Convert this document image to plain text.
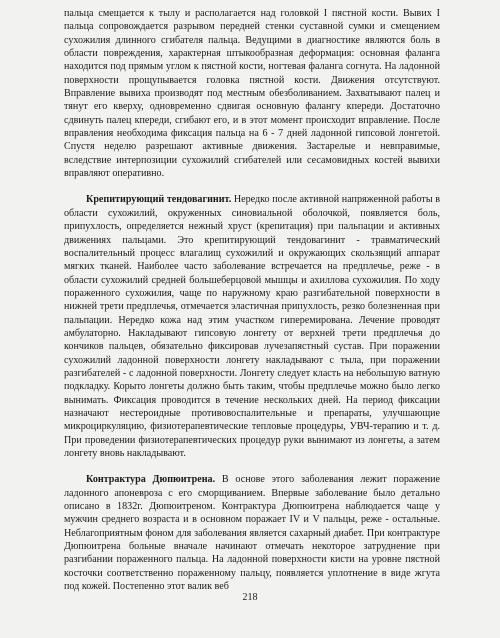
пальца смещается к тылу и располагается над головкой I пястной кости. Вывих I пальца сопровождается разрывом передней стенки суставной сумки и смещением сухожилия длинного сгибателя пальца. Ведущими в диагностике являются боль в области повреждения, характерная штыкообразная деформация: основная фаланга находится под прямым углом к пястной кости, ногтевая фаланга согнута. На ладонной поверхности прощупывается головка пястной кости. Движения отсутствуют. Вправление вывиха производят под местным обезболиванием. Захватывают палец и тянут его кверху, одновременно сдвигая основную фалангу кпереди. Достаточно сдвинуть палец кпереди, сгибают его, и в этот момент происходит вправление. После вправления необходима фиксация пальца на 6 - 7 дней ладонной гипсовой лонгетой. Спустя неделю разрешают активные движения. Застарелые и невправимые, вследствие интерпозиции сухожилий сгибателей или сесамовидных костей вывихи вправляют оперативно.

Крепитирующий тендовагинит. Нередко после активной напряженной работы в области сухожилий, окруженных синовиальной оболочкой, появляется боль, припухлость, определяется нежный хруст (крепитация) при пальпации и активных движениях пальцами. Это крепитирующий тендовагинит - травматический воспалительный процесс влагалищ сухожилий и окружающих скользящий аппарат мягких тканей. Наиболее часто заболевание встречается на предплечье, реже - в области сухожилий средней большеберцовой мышцы и ахиллова сухожилия. По ходу пораженного сухожилия, чаще по наружному краю разгибательной поверхности в нижней трети предплечья, отмечается эластичная припухлость, резко болезненная при пальпации. Нередко кожа над этим участком гиперемирована. Лечение проводят амбулаторно. Накладывают гипсовую лонгету от верхней трети предплечья до кончиков пальцев, обязательно фиксировав лучезапястный сустав. При поражении сухожилий ладонной поверхности лонгету накладывают с тыла, при поражении разгибателей - с ладонной поверхности. Лонгету следует класть на небольшую ватную подкладку. Корыто лонгеты должно быть таким, чтобы предплечье можно было легко вынимать. Фиксация проводится в течение нескольких дней. На период фиксации назначают нестероидные противовоспалительные и препараты, улучшающие микроциркуляцию, физиотерапевтические тепловые процедуры, УВЧ-терапию и т. д. При проведении физиотерапевтических процедур руки вынимают из лонгеты, а затем лонгету вновь накладывают.

Контрактура Дюпюитрена. В основе этого заболевания лежит поражение ладонного апоневроза с его сморщиванием. Впервые заболевание было детально описано в 1832г. Дюпюитреном. Контрактура Дюпюитрена наблюдается чаще у мужчин среднего возраста и в основном поражает IV и V пальцы, реже - остальные. Неблагоприятным фоном для заболевания является сахарный диабет. При контрактуре Дюпюитрена больные вначале начинают отмечать некоторое затруднение при разгибании пораженного пальца. На ладонной поверхности кисти на уровне пястной косточки соответственно пораженному пальцу, появляется уплотнение в виде жгута под кожей. Постепенно этот валик веб

218
